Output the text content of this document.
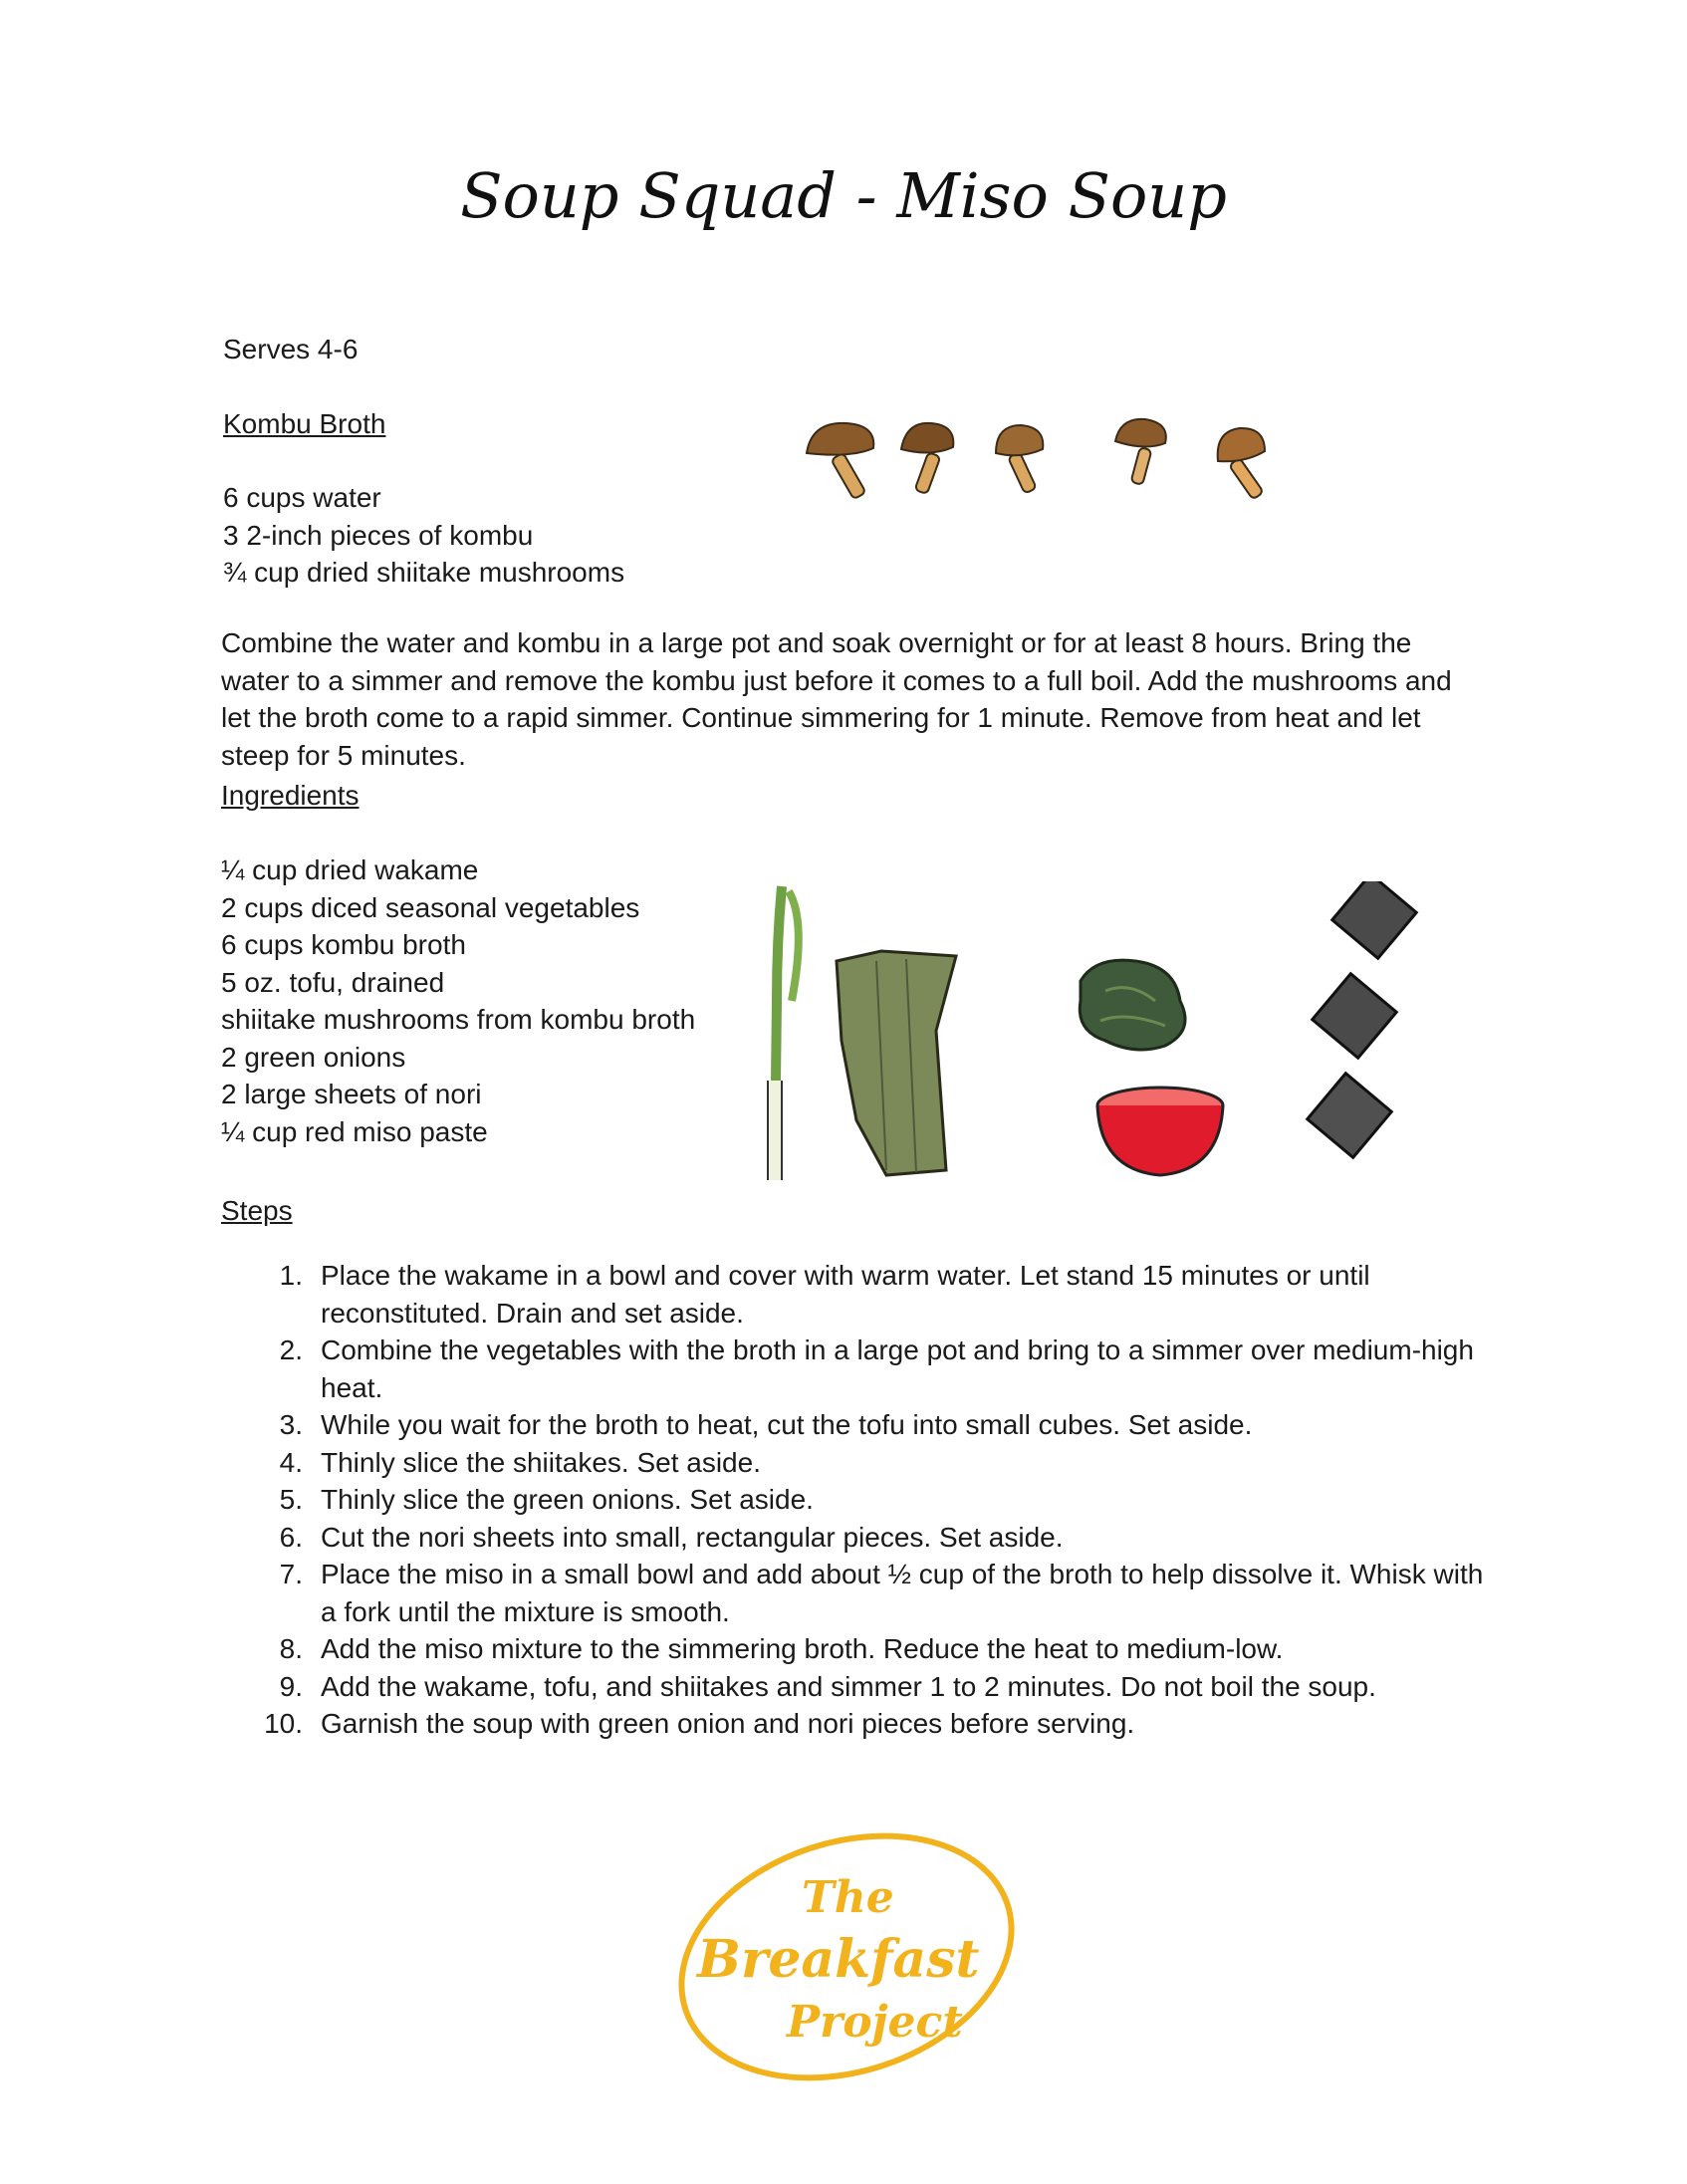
Soup Squad - Miso Soup
Serves 4-6
Kombu Broth
6 cups water
3 2-inch pieces of kombu
¾ cup dried shiitake mushrooms

Combine the water and kombu in a large pot and soak overnight or for at least 8 hours. Bring the water to a simmer and remove the kombu just before it comes to a full boil. Add the mushrooms and let the broth come to a rapid simmer. Continue simmering for 1 minute. Remove from heat and let steep for 5 minutes.

Ingredients
¼ cup dried wakame
2 cups diced seasonal vegetables
6 cups kombu broth
5 oz. tofu, drained
shiitake mushrooms from kombu broth
2 green onions
2 large sheets of nori
¼ cup red miso paste
Steps
1. Place the wakame in a bowl and cover with warm water. Let stand 15 minutes or until reconstituted. Drain and set aside.
2. Combine the vegetables with the broth in a large pot and bring to a simmer over medium-high heat.
3. While you wait for the broth to heat, cut the tofu into small cubes. Set aside.
4. Thinly slice the shiitakes. Set aside.
5. Thinly slice the green onions. Set aside.
6. Cut the nori sheets into small, rectangular pieces. Set aside.
7. Place the miso in a small bowl and add about ½ cup of the broth to help dissolve it. Whisk with a fork until the mixture is smooth.
8. Add the miso mixture to the simmering broth. Reduce the heat to medium-low.
9. Add the wakame, tofu, and shiitakes and simmer 1 to 2 minutes. Do not boil the soup.
10. Garnish the soup with green onion and nori pieces before serving.
The
Breakfast
Project
